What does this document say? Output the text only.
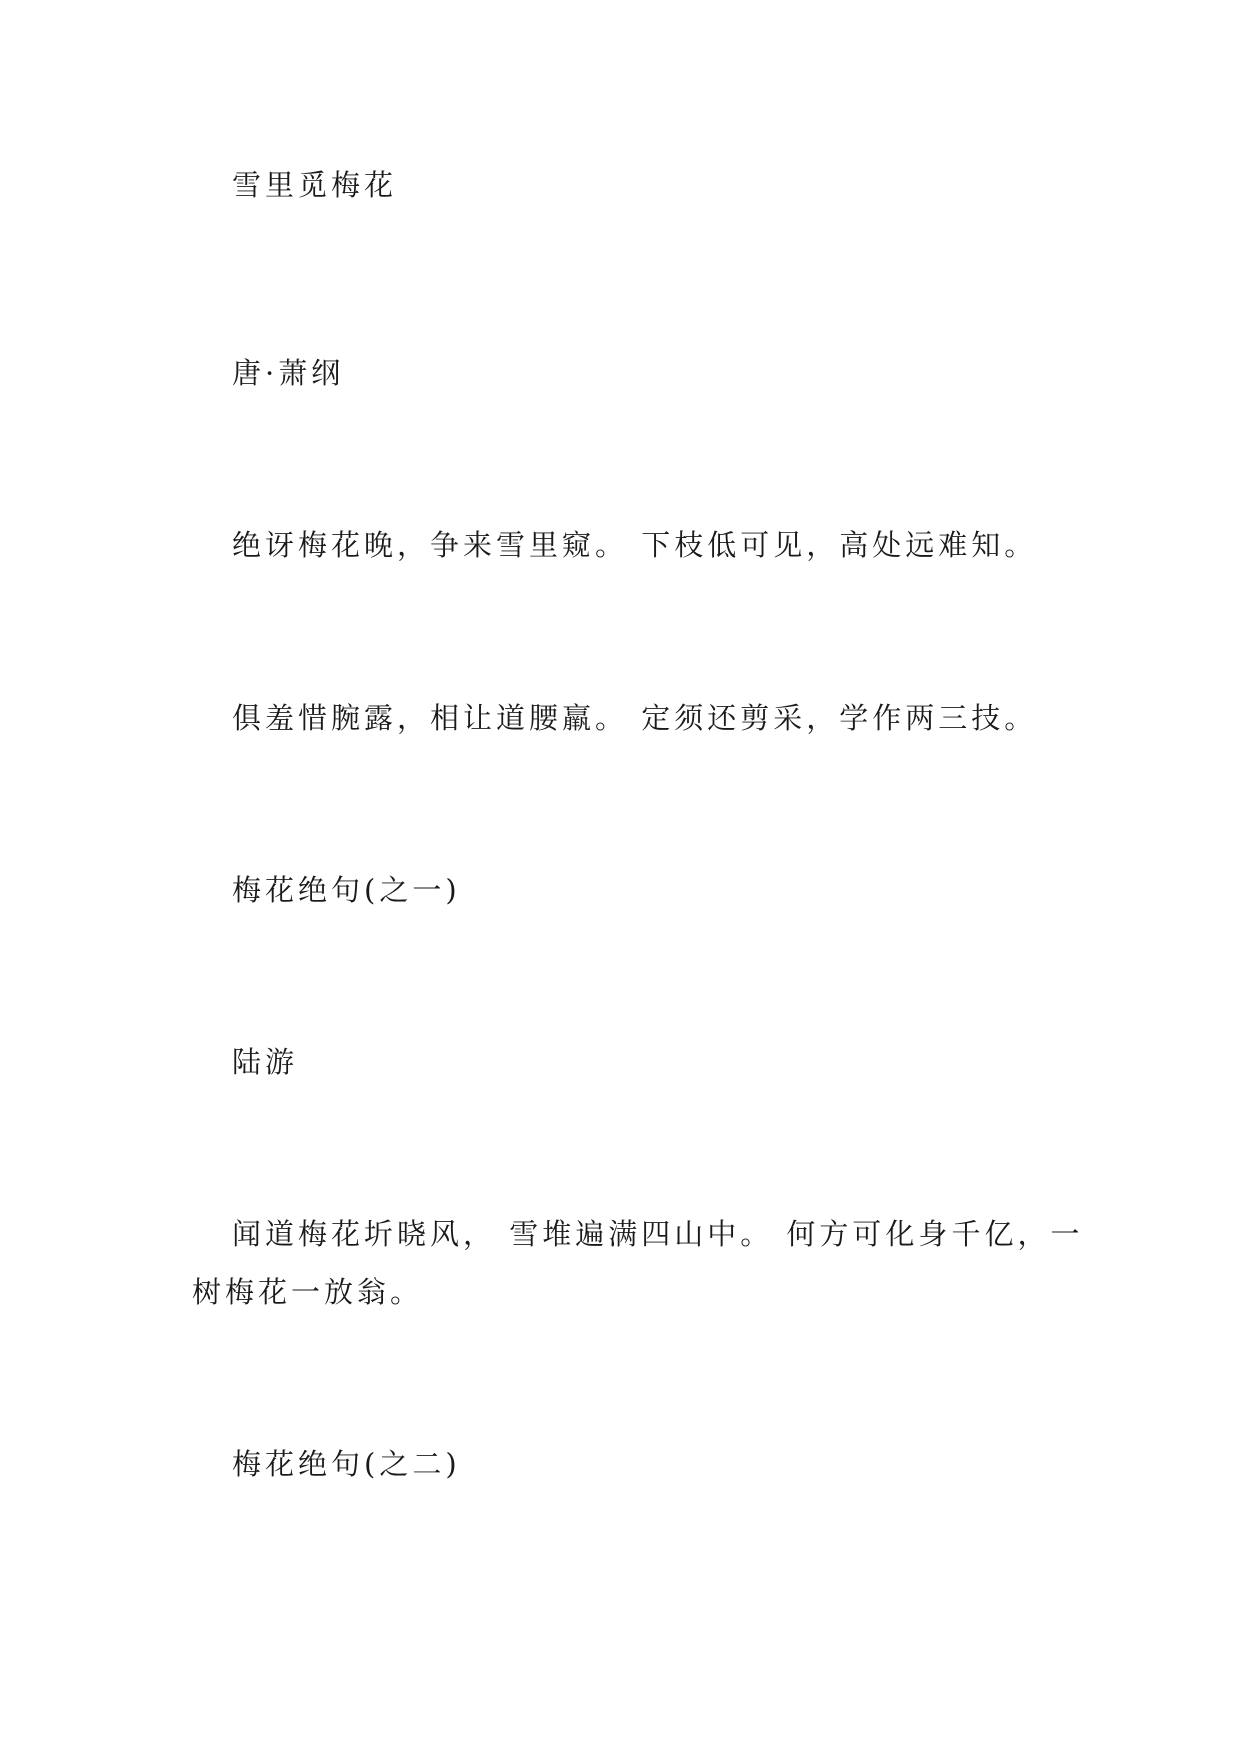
雪里觅梅花

唐·萧纲

绝讶梅花晚，争来雪里窥。 下枝低可见，高处远难知。

俱羞惜腕露，相让道腰羸。 定须还剪采，学作两三技。

梅花绝句(之一)

陆游

闻道梅花圻晓风， 雪堆遍满四山中。 何方可化身千亿，一树梅花一放翁。

梅花绝句(之二)
